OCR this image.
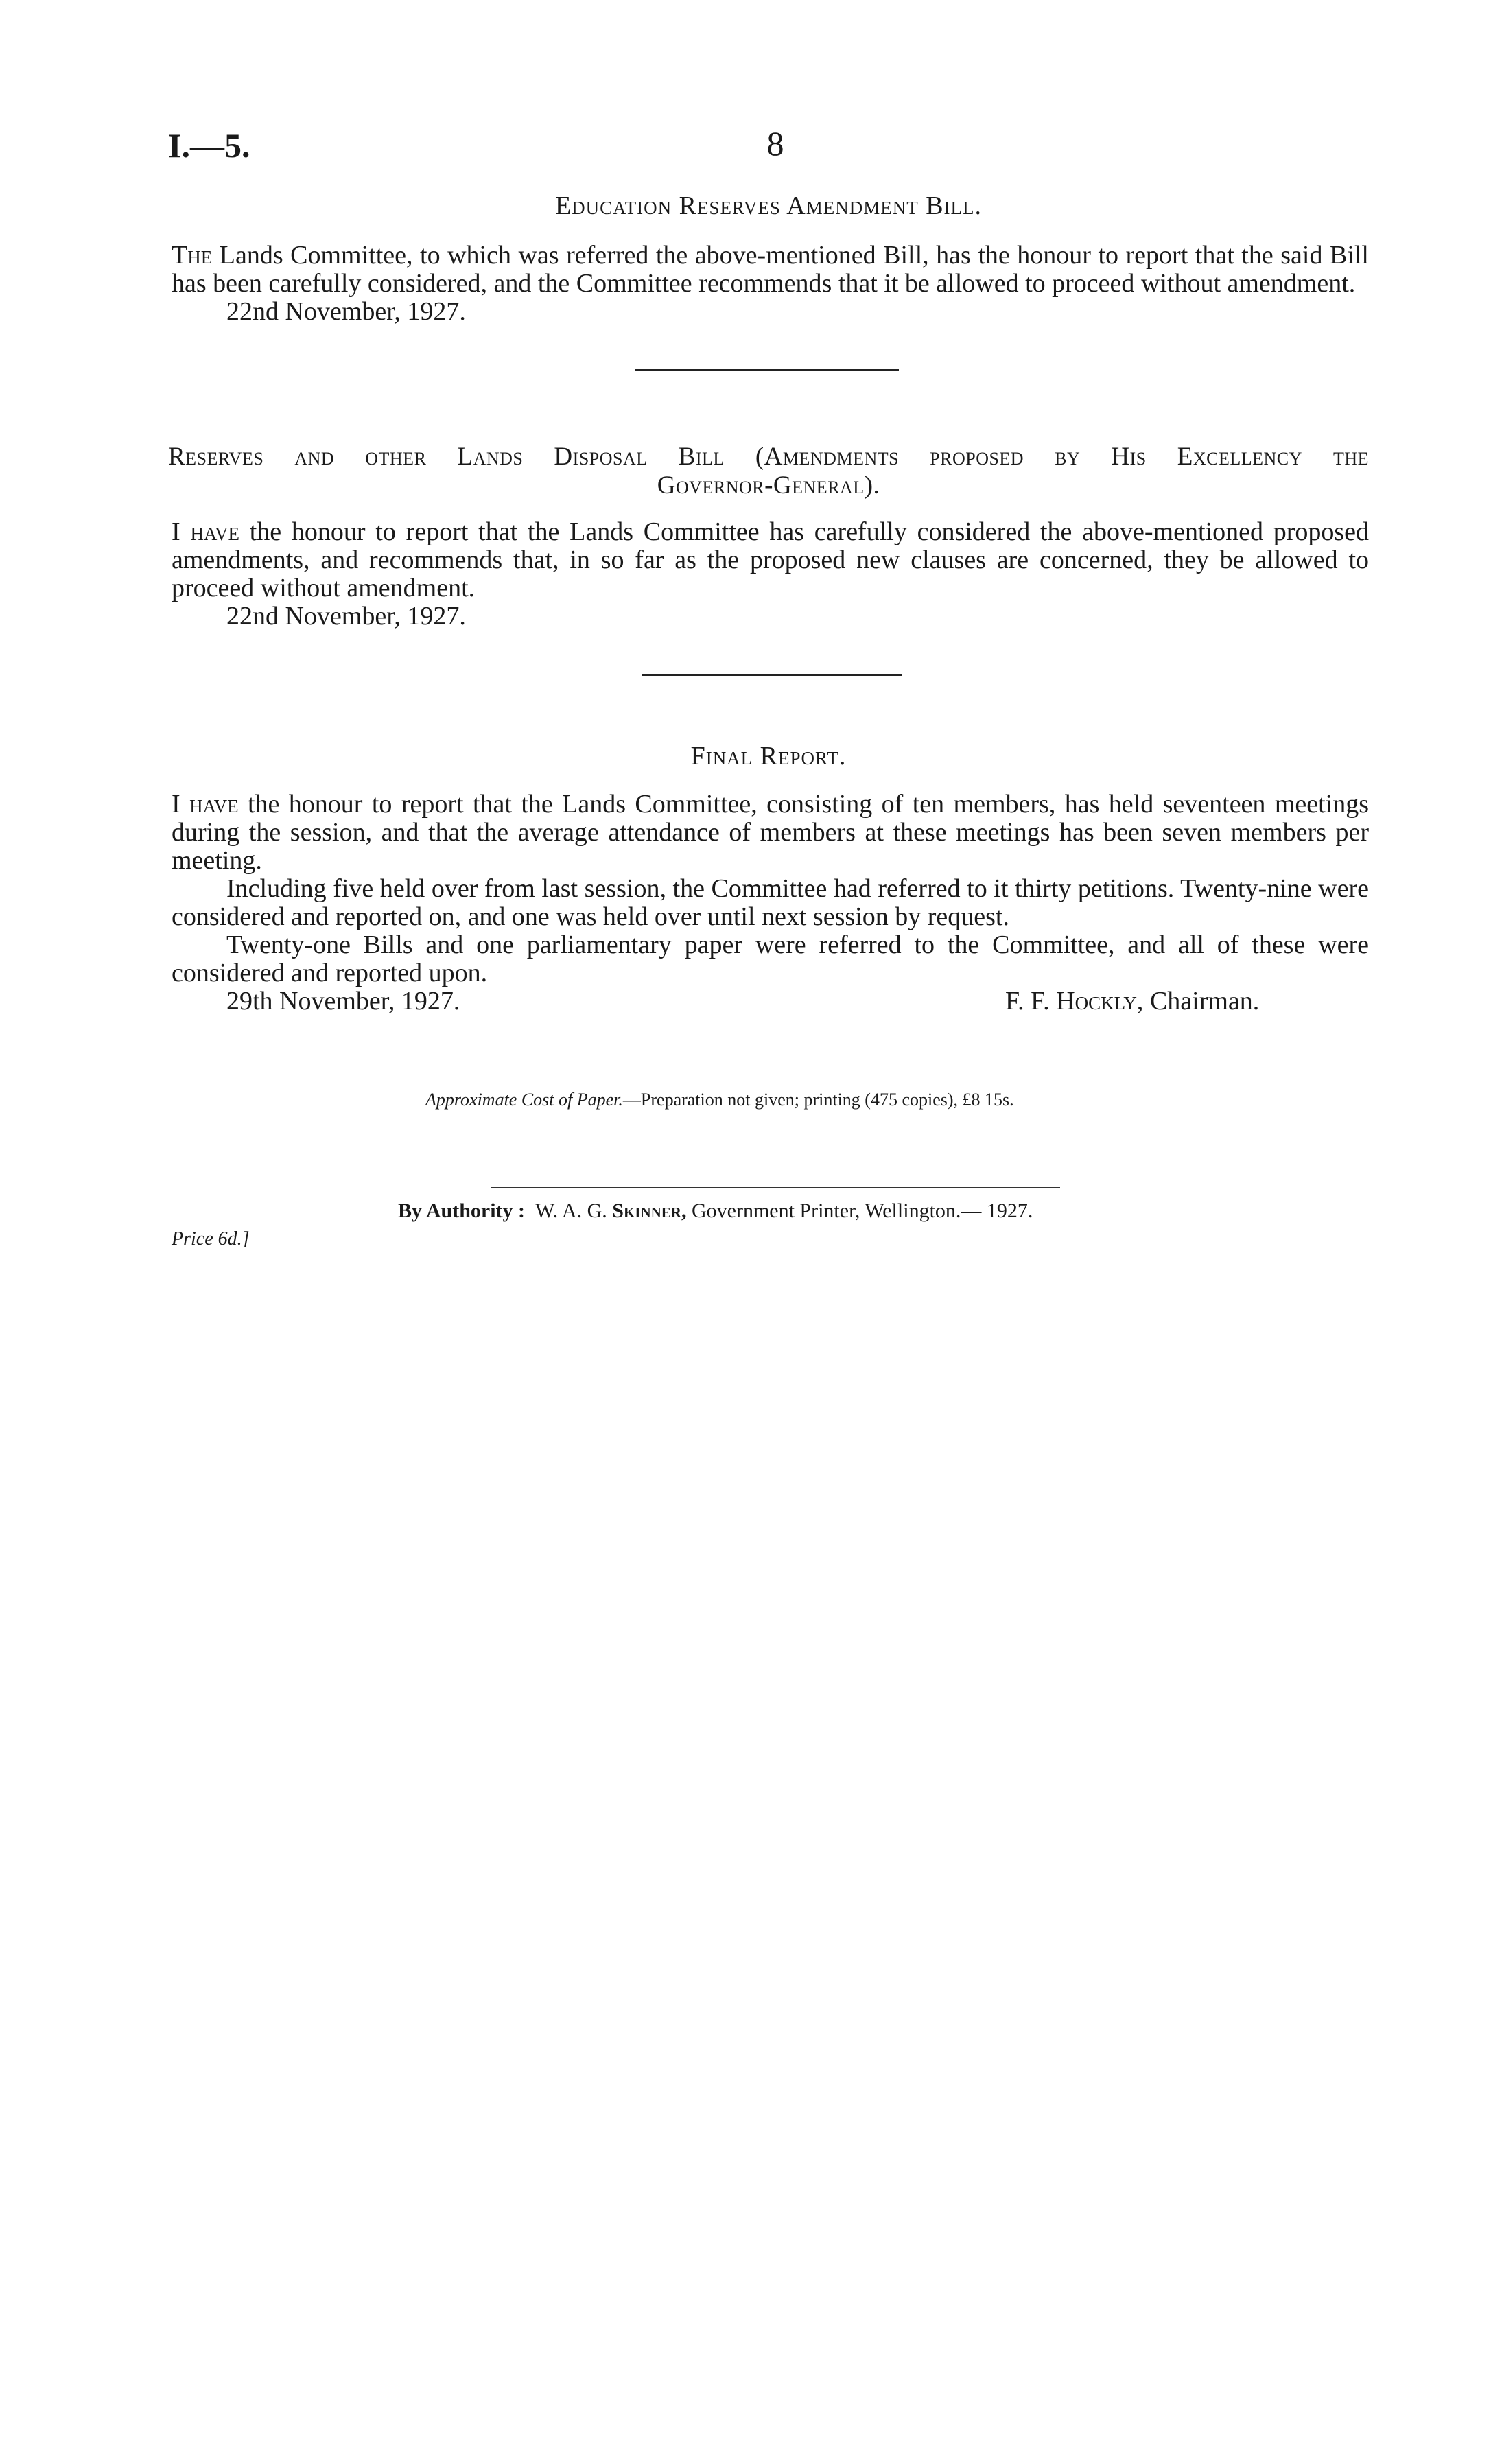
I.—5.	8
Education Reserves Amendment Bill.

The Lands Committee, to which was referred the above-mentioned Bill, has the honour to report that the said Bill has been carefully considered, and the Committee recommends that it be allowed to proceed without amendment.

22nd November, 1927.

Reserves and other Lands Disposal Bill (Amendments proposed by His Excellency the
Governor-General).

I have the honour to report that the Lands Committee has carefully considered the above-mentioned proposed amendments, and recommends that, in so far as the proposed new clauses are concerned, they be allowed to proceed without amendment.

22nd November, 1927.

Final Report.

I have the honour to report that the Lands Committee, consisting of ten members, has held seventeen meetings during the session, and that the average attendance of members at these meetings has been seven members per meeting.

Including five held over from last session, the Committee had referred to it thirty petitions. Twenty-nine were considered and reported on, and one was held over until next session by request.

Twenty-one Bills and one parliamentary paper were referred to the Committee, and all of these were considered and reported upon.

29th November, 1927.	F. F. Hockly, Chairman.
Approximate Cost of Paper.—Preparation not given; printing (475 copies), £8 15s.
By Authority : W. A. G. Skinner, Government Printer, Wellington.— 1927.
Price 6d.]
